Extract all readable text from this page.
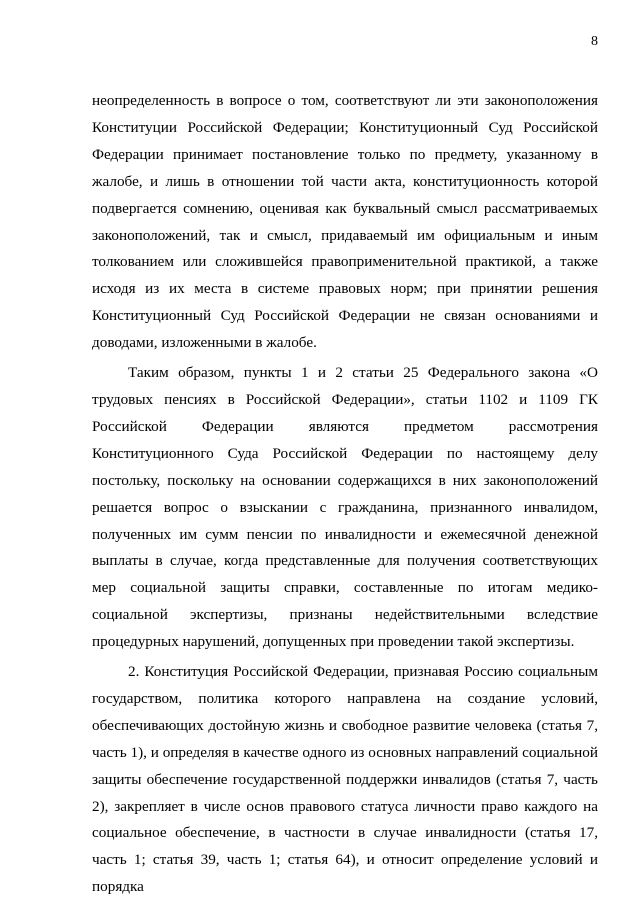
8

неопределенность в вопросе о том, соответствуют ли эти законоположения Конституции Российской Федерации; Конституционный Суд Российской Федерации принимает постановление только по предмету, указанному в жалобе, и лишь в отношении той части акта, конституционность которой подвергается сомнению, оценивая как буквальный смысл рассматриваемых законоположений, так и смысл, придаваемый им официальным и иным толкованием или сложившейся правоприменительной практикой, а также исходя из их места в системе правовых норм; при принятии решения Конституционный Суд Российской Федерации не связан основаниями и доводами, изложенными в жалобе.

Таким образом, пункты 1 и 2 статьи 25 Федерального закона «О трудовых пенсиях в Российской Федерации», статьи 1102 и 1109 ГК Российской Федерации являются предметом рассмотрения Конституционного Суда Российской Федерации по настоящему делу постольку, поскольку на основании содержащихся в них законоположений решается вопрос о взыскании с гражданина, признанного инвалидом, полученных им сумм пенсии по инвалидности и ежемесячной денежной выплаты в случае, когда представленные для получения соответствующих мер социальной защиты справки, составленные по итогам медико-социальной экспертизы, признаны недействительными вследствие процедурных нарушений, допущенных при проведении такой экспертизы.

2. Конституция Российской Федерации, признавая Россию социальным государством, политика которого направлена на создание условий, обеспечивающих достойную жизнь и свободное развитие человека (статья 7, часть 1), и определяя в качестве одного из основных направлений социальной защиты обеспечение государственной поддержки инвалидов (статья 7, часть 2), закрепляет в числе основ правового статуса личности право каждого на социальное обеспечение, в частности в случае инвалидности (статья 17, часть 1; статья 39, часть 1; статья 64), и относит определение условий и порядка
